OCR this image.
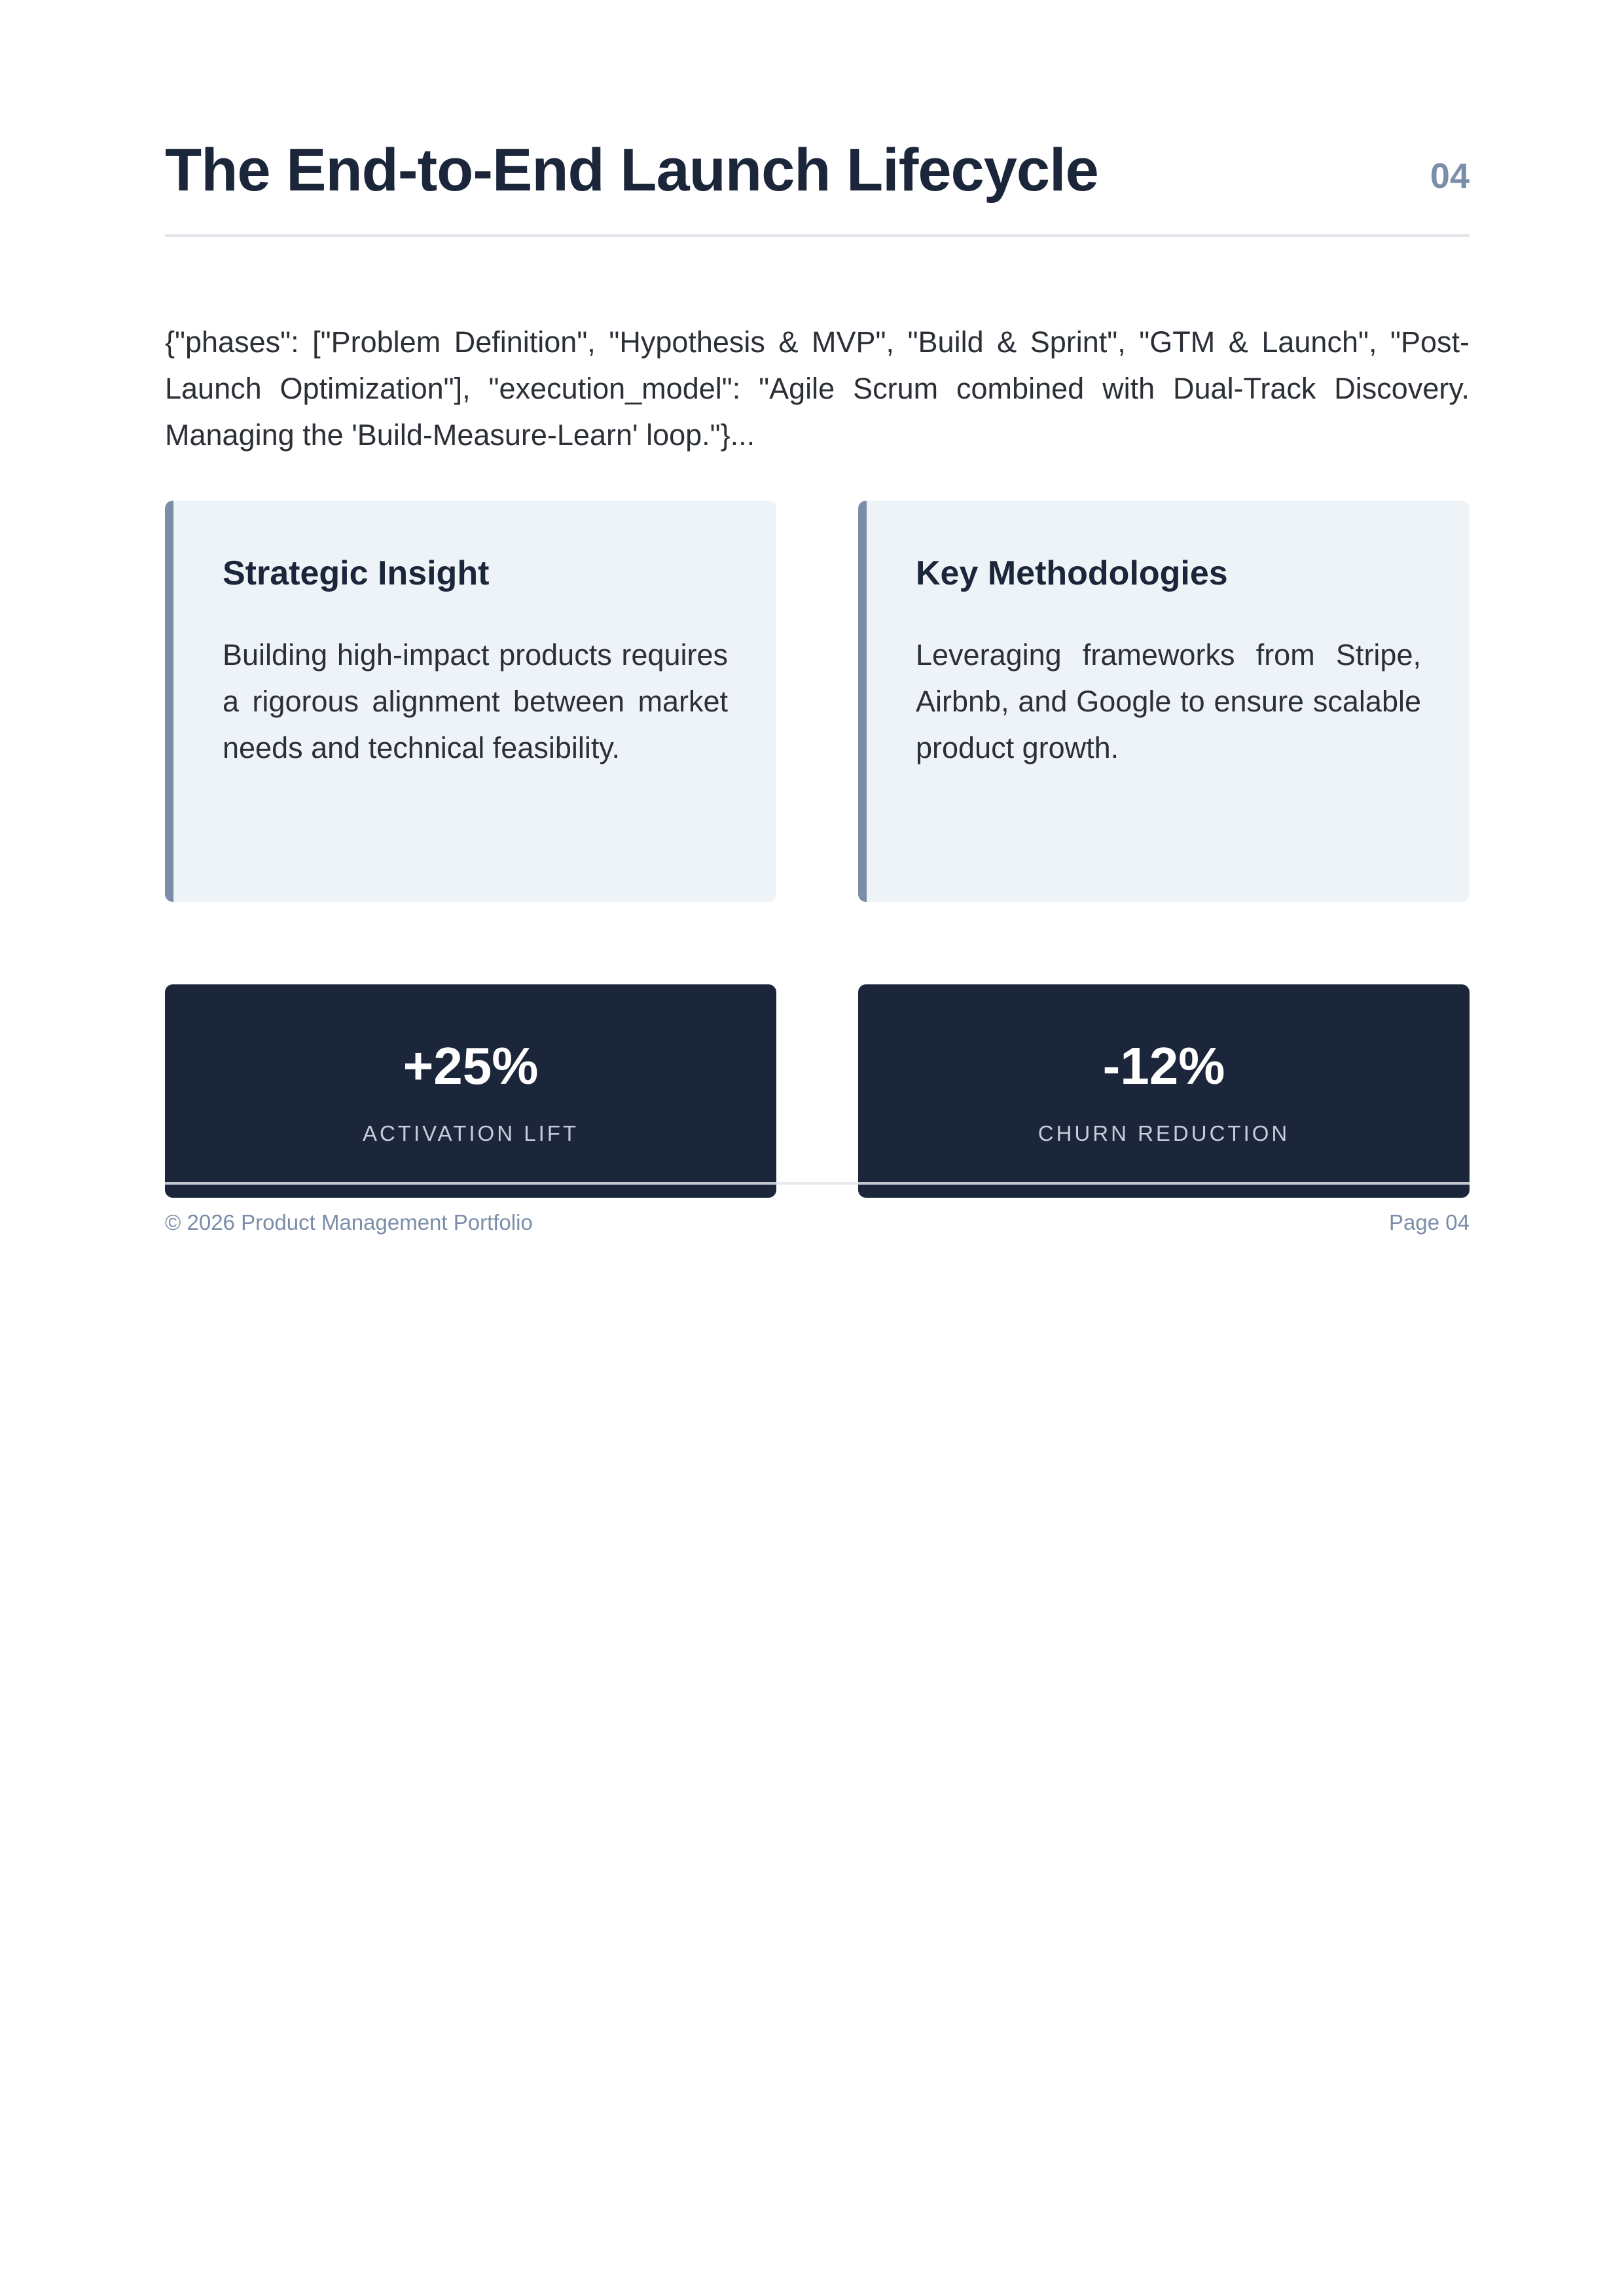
The End-to-End Launch Lifecycle	04

{"phases": ["Problem Definition", "Hypothesis & MVP", "Build & Sprint", "GTM & Launch", "Post-Launch Optimization"], "execution_model": "Agile Scrum combined with Dual-Track Discovery. Managing the 'Build-Measure-Learn' loop."}...

Strategic Insight

Building high-impact products requires a rigorous alignment between market needs and technical feasibility.

Key Methodologies

Leveraging frameworks from Stripe, Airbnb, and Google to ensure scalable product growth.

+25%
ACTIVATION LIFT
-12%
CHURN REDUCTION
© 2026 Product Management Portfolio	Page 04
